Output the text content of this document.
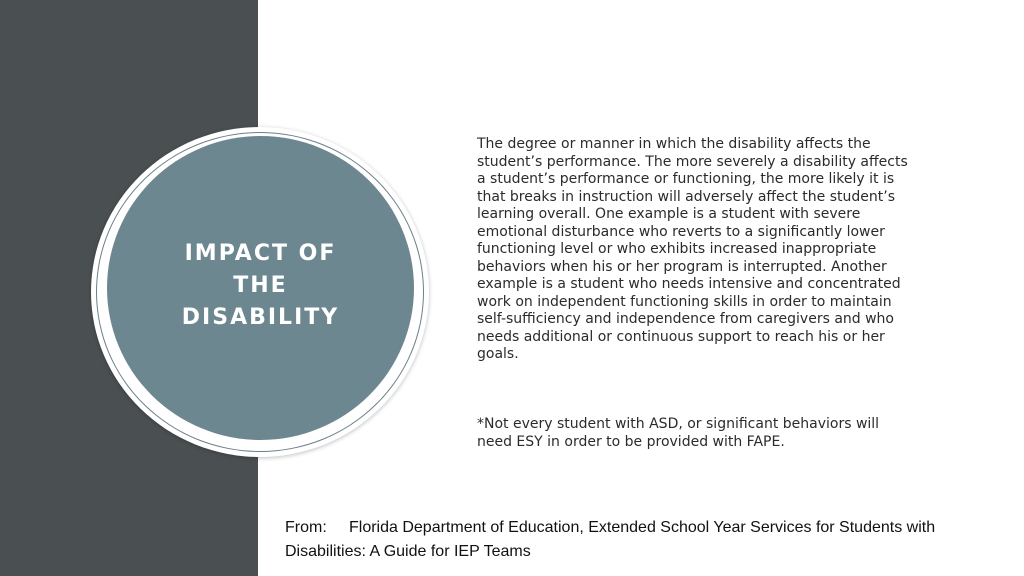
IMPACT OF
THE
DISABILITY

The degree or manner in which the disability affects the student’s performance. The more severely a disability affects a student’s performance or functioning, the more likely it is that breaks in instruction will adversely affect the student’s learning overall. One example is a student with severe emotional disturbance who reverts to a significantly lower functioning level or who exhibits increased inappropriate behaviors when his or her program is interrupted. Another example is a student who needs intensive and concentrated work on independent functioning skills in order to maintain self-sufficiency and independence from caregivers and who needs additional or continuous support to reach his or her goals.

*Not every student with ASD, or significant behaviors will need ESY in order to be provided with FAPE.

From: Florida Department of Education, Extended School Year Services for Students with Disabilities: A Guide for IEP Teams
